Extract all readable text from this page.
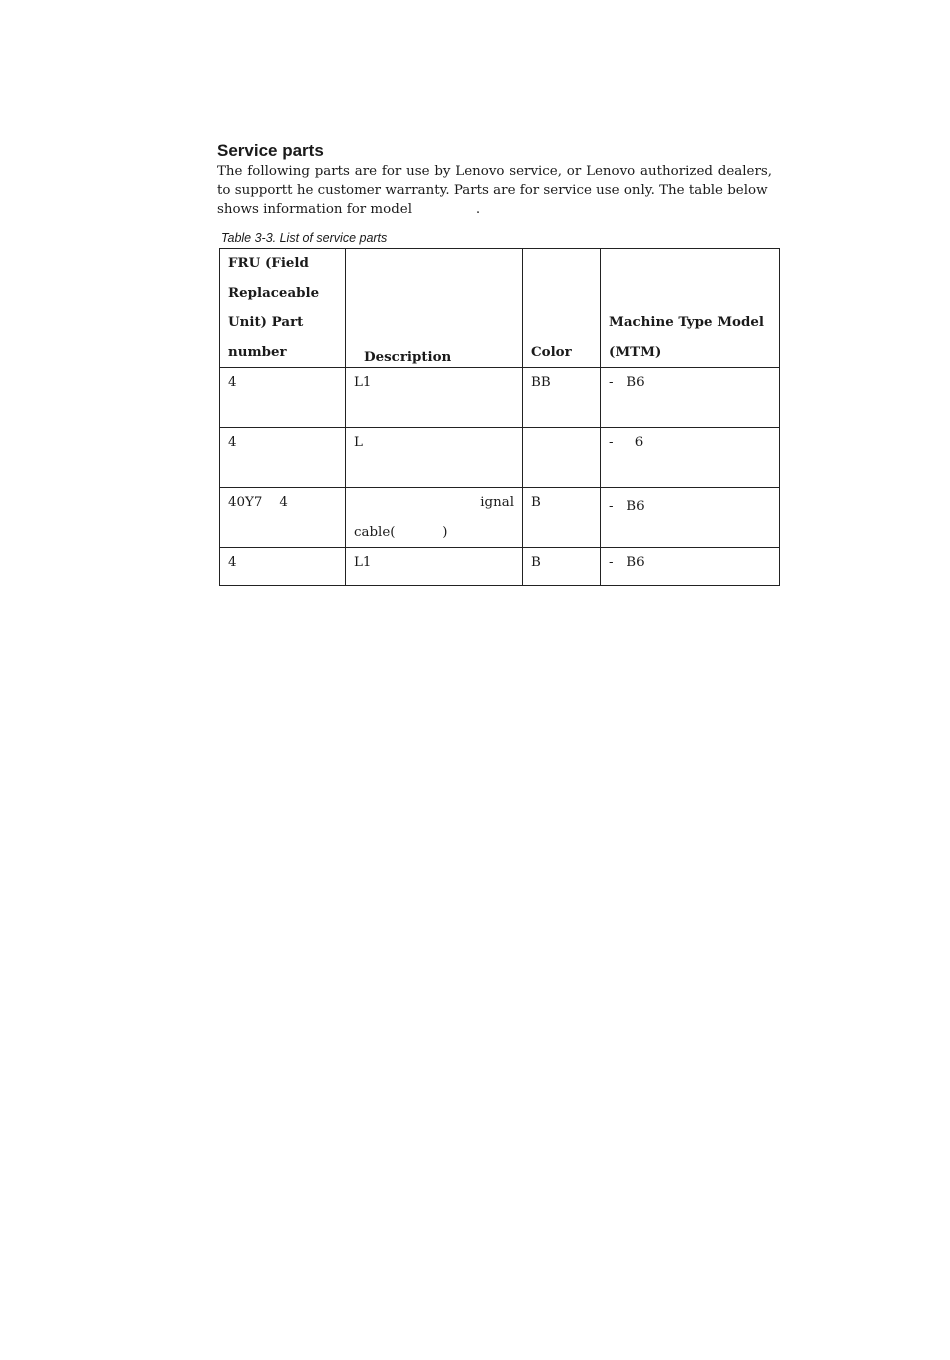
Service parts

The following parts are for use by Lenovo service, or Lenovo authorized dealers,
to supportt he customer warranty. Parts are for service use only. The table below
shows information for model               .

Table 3-3. List of service parts

FRU (Field Replaceable Unit) Part number	Description	Color	Machine Type Model (MTM)

4	L1	BB	-   B6

4	L		-     6

40Y7    4	ignal
cable(           )	B	-   B6

4	L1	B	-   B6
